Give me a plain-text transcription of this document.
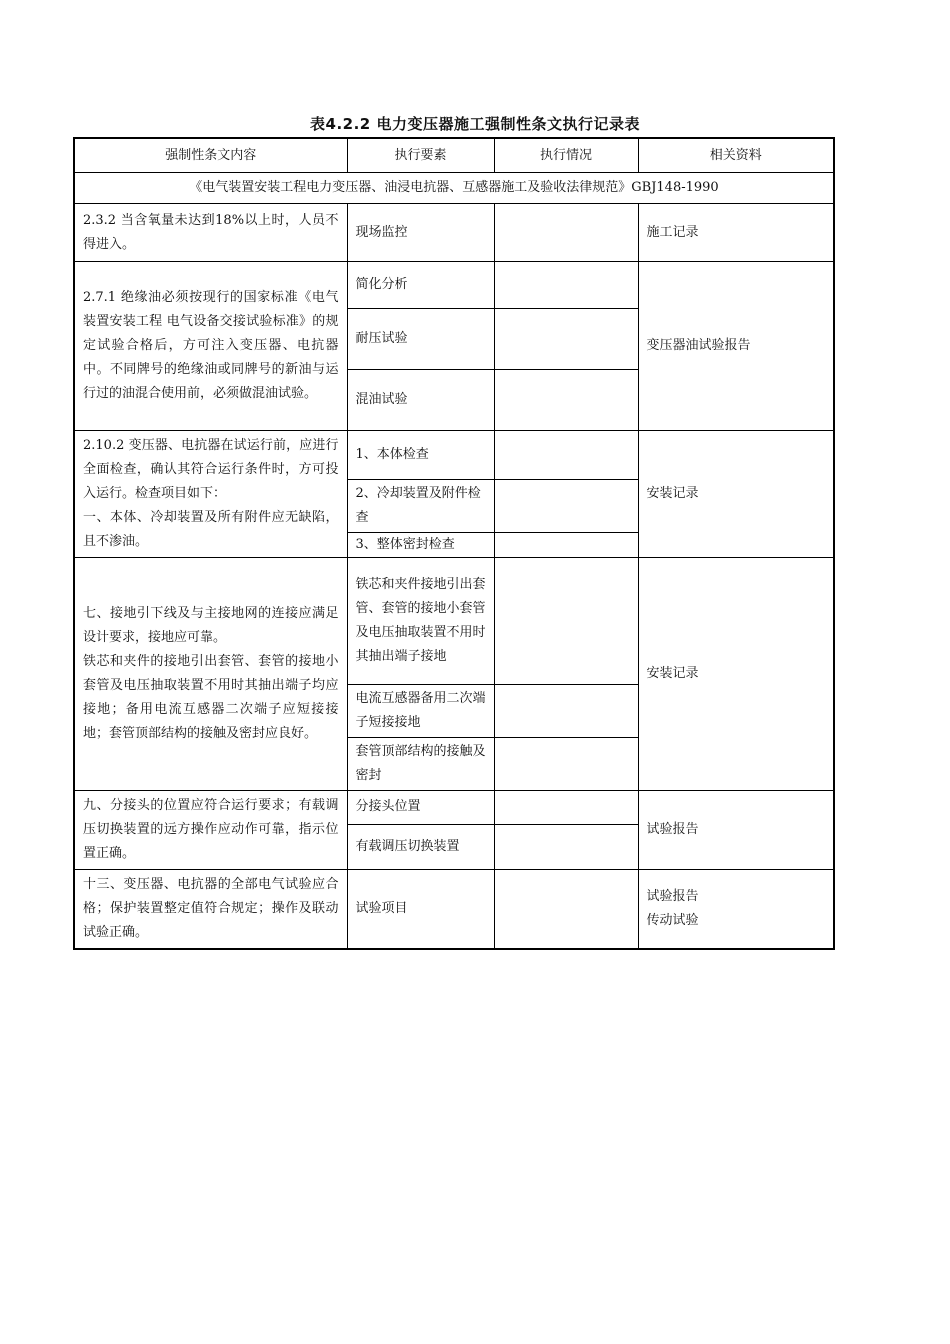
表4.2.2 电力变压器施工强制性条文执行记录表
强制性条文内容	执行要素	执行情况	相关资料
《电气装置安装工程电力变压器、油浸电抗器、互感器施工及验收法律规范》GBJ148-1990			
2.3.2 当含氧量未达到18%以上时，人员不得进入。	现场监控		施工记录
2.7.1 绝缘油必须按现行的国家标准《电气装置安装工程 电气设备交接试验标准》的规定试验合格后，方可注入变压器、电抗器中。不同牌号的绝缘油或同牌号的新油与运行过的油混合使用前，必须做混油试验。	简化分析		变压器油试验报告
	耐压试验		
	混油试验		
2.10.2 变压器、电抗器在试运行前，应进行全面检查，确认其符合运行条件时，方可投入运行。检查项目如下：
一、本体、冷却装置及所有附件应无缺陷，且不渗油。	1、本体检查		安装记录
	2、冷却装置及附件检查		
	3、整体密封检查		
七、接地引下线及与主接地网的连接应满足设计要求，接地应可靠。
铁芯和夹件的接地引出套管、套管的接地小套管及电压抽取装置不用时其抽出端子均应接地；备用电流互感器二次端子应短接接地；套管顶部结构的接触及密封应良好。	铁芯和夹件接地引出套管、套管的接地小套管及电压抽取装置不用时其抽出端子接地		安装记录
	电流互感器备用二次端子短接接地		
	套管顶部结构的接触及密封		
九、分接头的位置应符合运行要求；有载调压切换装置的远方操作应动作可靠，指示位置正确。	分接头位置		试验报告
	有载调压切换装置		
十三、变压器、电抗器的全部电气试验应合格；保护装置整定值符合规定；操作及联动试验正确。	试验项目		试验报告
传动试验
